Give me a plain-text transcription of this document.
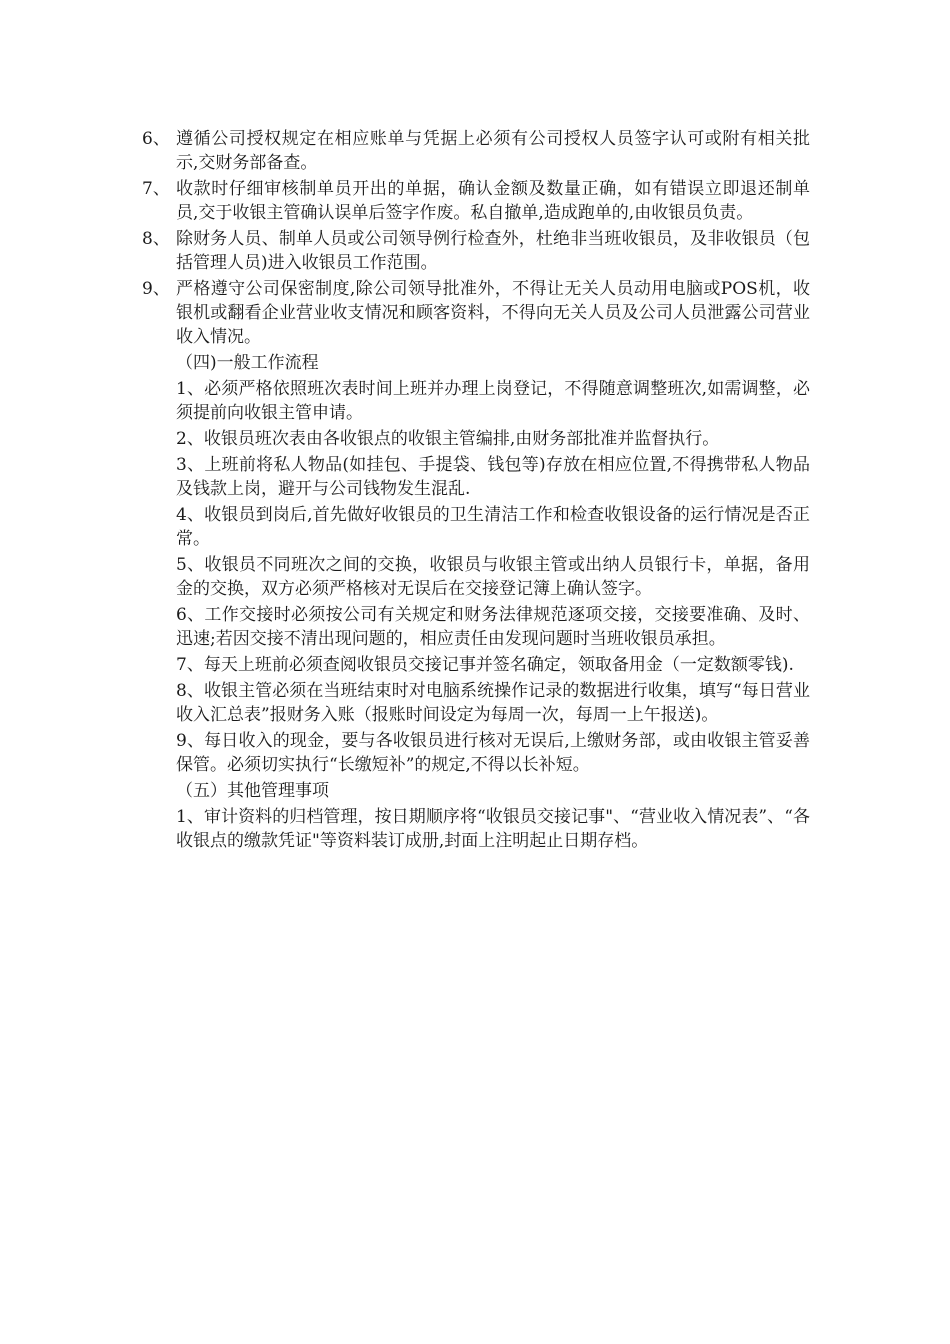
6、 遵循公司授权规定在相应账单与凭据上必须有公司授权人员签字认可或附有相关批示,交财务部备查。
7、 收款时仔细审核制单员开出的单据，确认金额及数量正确，如有错误立即退还制单员,交于收银主管确认误单后签字作废。私自撤单,造成跑单的,由收银员负责。
8、 除财务人员、制单人员或公司领导例行检查外，杜绝非当班收银员，及非收银员（包括管理人员)进入收银员工作范围。
9、 严格遵守公司保密制度,除公司领导批准外，不得让无关人员动用电脑或POS机，收银机或翻看企业营业收支情况和顾客资料，不得向无关人员及公司人员泄露公司营业收入情况。
（四)一般工作流程
1、必须严格依照班次表时间上班并办理上岗登记，不得随意调整班次,如需调整，必须提前向收银主管申请。
2、收银员班次表由各收银点的收银主管编排,由财务部批准并监督执行。
3、上班前将私人物品(如挂包、手提袋、钱包等)存放在相应位置,不得携带私人物品及钱款上岗，避开与公司钱物发生混乱.
4、收银员到岗后,首先做好收银员的卫生清洁工作和检查收银设备的运行情况是否正常。
5、收银员不同班次之间的交换，收银员与收银主管或出纳人员银行卡，单据，备用金的交换，双方必须严格核对无误后在交接登记簿上确认签字。
6、工作交接时必须按公司有关规定和财务法律规范逐项交接，交接要准确、及时、迅速;若因交接不清出现问题的，相应责任由发现问题时当班收银员承担。
7、每天上班前必须查阅收银员交接记事并签名确定，领取备用金（一定数额零钱).
8、收银主管必须在当班结束时对电脑系统操作记录的数据进行收集，填写“每日营业收入汇总表”报财务入账（报账时间设定为每周一次，每周一上午报送)。
9、每日收入的现金，要与各收银员进行核对无误后,上缴财务部，或由收银主管妥善保管。必须切实执行“长缴短补”的规定,不得以长补短。
（五）其他管理事项
1、审计资料的归档管理，按日期顺序将“收银员交接记事"、“营业收入情况表”、“各收银点的缴款凭证"等资料装订成册,封面上注明起止日期存档。
